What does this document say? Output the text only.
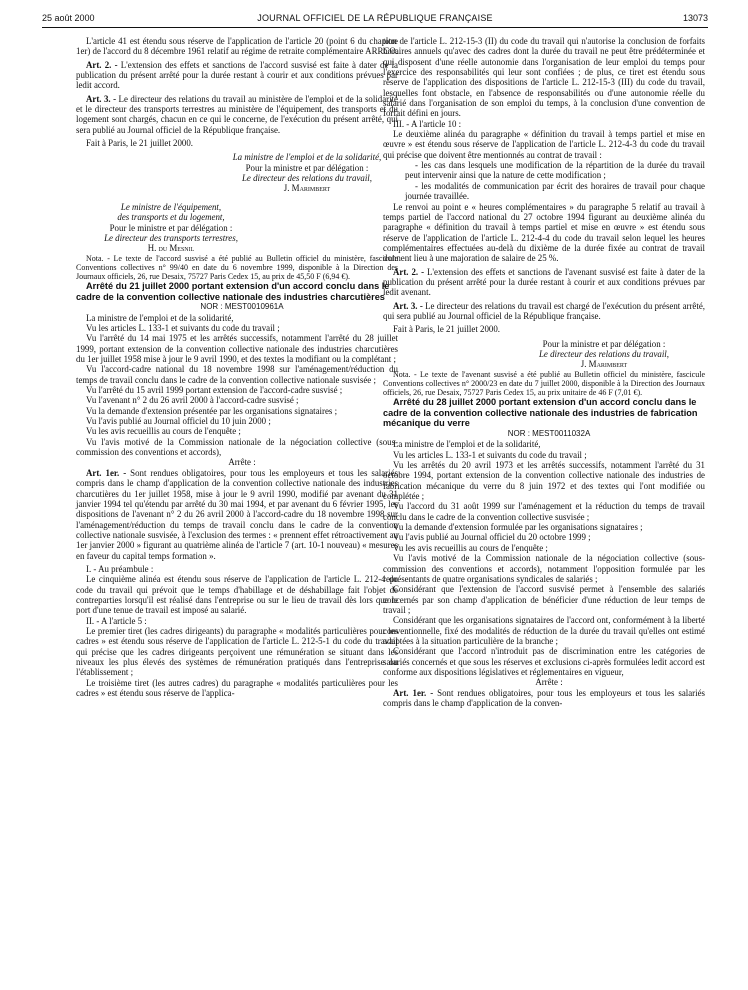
25 août 2000	JOURNAL OFFICIEL DE LA RÉPUBLIQUE FRANÇAISE	13073

L'article 41 est étendu sous réserve de l'application de l'article 20 (point 6 du chapitre 1er) de l'accord du 8 décembre 1961 relatif au régime de retraite complémentaire ARRCO.

Art. 2. - L'extension des effets et sanctions de l'accord susvisé est faite à dater de la publication du présent arrêté pour la durée restant à courir et aux conditions prévues par ledit accord.

Art. 3. - Le directeur des relations du travail au ministère de l'emploi et de la solidarité et le directeur des transports terrestres au ministère de l'équipement, des transports et du logement sont chargés, chacun en ce qui le concerne, de l'exécution du présent arrêté, qui sera publié au Journal officiel de la République française.

Fait à Paris, le 21 juillet 2000.

La ministre de l'emploi et de la solidarité,

Pour la ministre et par délégation :

Le directeur des relations du travail,

J. Marimbert

Le ministre de l'équipement,

des transports et du logement,

Pour le ministre et par délégation :

Le directeur des transports terrestres,

H. du Mesnil

Nota. - Le texte de l'accord susvisé a été publié au Bulletin officiel du ministère, fascicule Conventions collectives n° 99/40 en date du 6 novembre 1999, disponible à la Direction des Journaux officiels, 26, rue Desaix, 75727 Paris Cedex 15, au prix de 45,50 F (6,94 €).

Arrêté du 21 juillet 2000 portant extension d'un accord conclu dans le cadre de la convention collective nationale des industries charcutières

NOR : MEST0010961A

La ministre de l'emploi et de la solidarité,

Vu les articles L. 133-1 et suivants du code du travail ;

Vu l'arrêté du 14 mai 1975 et les arrêtés successifs, notamment l'arrêté du 28 juillet 1999, portant extension de la convention collective nationale des industries charcutières du 1er juillet 1958 mise à jour le 9 avril 1990, et des textes la modifiant ou la complétant ;

Vu l'accord-cadre national du 18 novembre 1998 sur l'aménagement/réduction du temps de travail conclu dans le cadre de la convention collective nationale susvisée ;

Vu l'arrêté du 15 avril 1999 portant extension de l'accord-cadre susvisé ;

Vu l'avenant n° 2 du 26 avril 2000 à l'accord-cadre susvisé ;

Vu la demande d'extension présentée par les organisations signataires ;

Vu l'avis publié au Journal officiel du 10 juin 2000 ;

Vu les avis recueillis au cours de l'enquête ;

Vu l'avis motivé de la Commission nationale de la négociation collective (sous-commission des conventions et accords),

Arrête :

Art. 1er. - Sont rendues obligatoires, pour tous les employeurs et tous les salariés compris dans le champ d'application de la convention collective nationale des industries charcutières du 1er juillet 1958, mise à jour le 9 avril 1990, modifié par avenant du 31 janvier 1994 tel qu'étendu par arrêté du 30 mai 1994, et par avenant du 6 février 1995, les dispositions de l'avenant n° 2 du 26 avril 2000 à l'accord-cadre du 18 novembre 1998 sur l'aménagement/réduction du temps de travail conclu dans le cadre de la convention collective nationale susvisée, à l'exclusion des termes : « prennent effet rétroactivement au 1er janvier 2000 » figurant au quatrième alinéa de l'article 7 (art. 10-1 nouveau) « mesures en faveur du capital temps formation ».

I. - Au préambule :

Le cinquième alinéa est étendu sous réserve de l'application de l'article L. 212-4 du code du travail qui prévoit que le temps d'habillage et de déshabillage fait l'objet de contreparties lorsqu'il est réalisé dans l'entreprise ou sur le lieu de travail dès lors que le port d'une tenue de travail est imposé au salarié.

II. - A l'article 5 :

Le premier tiret (les cadres dirigeants) du paragraphe « modalités particulières pour les cadres » est étendu sous réserve de l'application de l'article L. 212-5-1 du code du travail qui précise que les cadres dirigeants perçoivent une rémunération se situant dans les niveaux les plus élevés des systèmes de rémunération pratiqués dans l'entreprise ou l'établissement ;

Le troisième tiret (les autres cadres) du paragraphe « modalités particulières pour les cadres » est étendu sous réserve de l'applica-

tion de l'article L. 212-15-3 (II) du code du travail qui n'autorise la conclusion de forfaits horaires annuels qu'avec des cadres dont la durée du travail ne peut être prédéterminée et qui disposent d'une réelle autonomie dans l'organisation de leur emploi du temps pour l'exercice des responsabilités qui leur sont confiées ; de plus, ce tiret est étendu sous réserve de l'application des dispositions de l'article L. 212-15-3 (III) du code du travail, lesquelles font obstacle, en l'absence de responsabilités ou d'une autonomie réelle du salarié dans l'organisation de son emploi du temps, à la conclusion d'une convention de forfait défini en jours.

III. - A l'article 10 :

Le deuxième alinéa du paragraphe « définition du travail à temps partiel et mise en œuvre » est étendu sous réserve de l'application de l'article L. 212-4-3 du code du travail qui précise que doivent être mentionnés au contrat de travail :

- les cas dans lesquels une modification de la répartition de la durée du travail peut intervenir ainsi que la nature de cette modification ;

- les modalités de communication par écrit des horaires de travail pour chaque journée travaillée.

Le renvoi au point e « heures complémentaires » du paragraphe 5 relatif au travail à temps partiel de l'accord national du 27 octobre 1994 figurant au deuxième alinéa du paragraphe « définition du travail à temps partiel et mise en œuvre » est étendu sous réserve de l'application de l'article L. 212-4-4 du code du travail selon lequel les heures complémentaires effectuées au-delà du dixième de la durée fixée au contrat de travail donnent lieu à une majoration de salaire de 25 %.

Art. 2. - L'extension des effets et sanctions de l'avenant susvisé est faite à dater de la publication du présent arrêté pour la durée restant à courir et aux conditions prévues par ledit avenant.

Art. 3. - Le directeur des relations du travail est chargé de l'exécution du présent arrêté, qui sera publié au Journal officiel de la République française.

Fait à Paris, le 21 juillet 2000.

Pour la ministre et par délégation :

Le directeur des relations du travail,

J. Marimbert

Nota. - Le texte de l'avenant susvisé a été publié au Bulletin officiel du ministère, fascicule Conventions collectives n° 2000/23 en date du 7 juillet 2000, disponible à la Direction des Journaux officiels, 26, rue Desaix, 75727 Paris Cedex 15, au prix unitaire de 46 F (7,01 €).

Arrêté du 28 juillet 2000 portant extension d'un accord conclu dans le cadre de la convention collective nationale des industries de fabrication mécanique du verre

NOR : MEST0011032A

La ministre de l'emploi et de la solidarité,

Vu les articles L. 133-1 et suivants du code du travail ;

Vu les arrêtés du 20 avril 1973 et les arrêtés successifs, notamment l'arrêté du 31 octobre 1994, portant extension de la convention collective nationale des industries de fabrication mécanique du verre du 8 juin 1972 et des textes qui l'ont modifiée ou complétée ;

Vu l'accord du 31 août 1999 sur l'aménagement et la réduction du temps de travail conclu dans le cadre de la convention collective susvisée ;

Vu la demande d'extension formulée par les organisations signataires ;

Vu l'avis publié au Journal officiel du 20 octobre 1999 ;

Vu les avis recueillis au cours de l'enquête ;

Vu l'avis motivé de la Commission nationale de la négociation collective (sous-commission des conventions et accords), notamment l'opposition formulée par les représentants de quatre organisations syndicales de salariés ;

Considérant que l'extension de l'accord susvisé permet à l'ensemble des salariés concernés par son champ d'application de bénéficier d'une réduction de leur temps de travail ;

Considérant que les organisations signataires de l'accord ont, conformément à la liberté conventionnelle, fixé des modalités de réduction de la durée du travail qu'elles ont estimé adaptées à la situation particulière de la branche ;

Considérant que l'accord n'introduit pas de discrimination entre les catégories de salariés concernés et que sous les réserves et exclusions ci-après formulées ledit accord est conforme aux dispositions législatives et réglementaires en vigueur,

Arrête :

Art. 1er. - Sont rendues obligatoires, pour tous les employeurs et tous les salariés compris dans le champ d'application de la conven-
